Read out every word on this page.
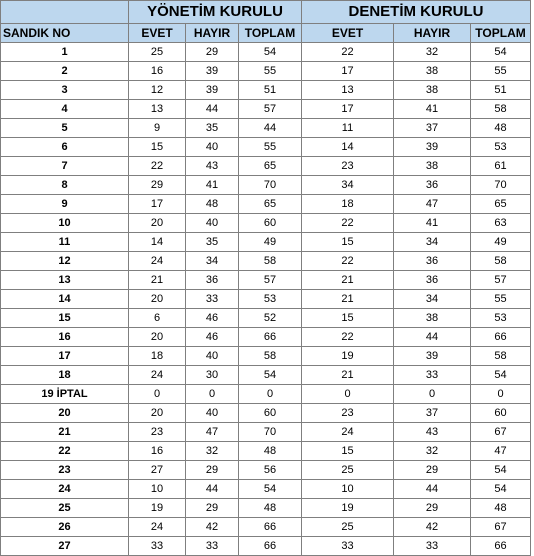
	YÖNETİM KURULU			DENETİM KURULU		
SANDIK NO	EVET	HAYIR	TOPLAM	EVET	HAYIR	TOPLAM
1	25	29	54	22	32	54
2	16	39	55	17	38	55
3	12	39	51	13	38	51
4	13	44	57	17	41	58
5	9	35	44	11	37	48
6	15	40	55	14	39	53
7	22	43	65	23	38	61
8	29	41	70	34	36	70
9	17	48	65	18	47	65
10	20	40	60	22	41	63
11	14	35	49	15	34	49
12	24	34	58	22	36	58
13	21	36	57	21	36	57
14	20	33	53	21	34	55
15	6	46	52	15	38	53
16	20	46	66	22	44	66
17	18	40	58	19	39	58
18	24	30	54	21	33	54
19 İPTAL	0	0	0	0	0	0
20	20	40	60	23	37	60
21	23	47	70	24	43	67
22	16	32	48	15	32	47
23	27	29	56	25	29	54
24	10	44	54	10	44	54
25	19	29	48	19	29	48
26	24	42	66	25	42	67
27	33	33	66	33	33	66
